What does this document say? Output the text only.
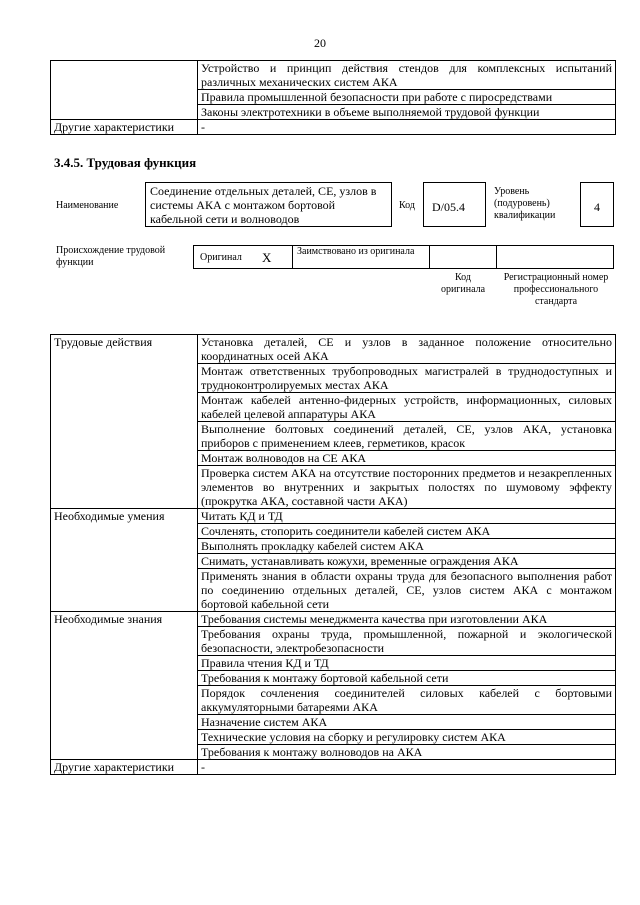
20
	Устройство и принцип действия стендов для комплексных испытаний различных механических систем АКА
	Правила промышленной безопасности при работе с пиросредствами
	Законы электротехники в объеме выполняемой трудовой функции
Другие характеристики	-
3.4.5. Трудовая функция
Наименование
Соединение отдельных деталей, СЕ, узлов в системы АКА с монтажом бортовой кабельной сети и волноводов
Код	D/05.4
Уровень (подуровень) квалификации
4
Происхождение трудовой функции	Оригинал X	Заимствовано из оригинала
Код оригинала
Регистрационный номер профессионального стандарта
Трудовые действия	Установка деталей, СЕ и узлов в заданное положение относительно координатных осей АКА
	Монтаж ответственных трубопроводных магистралей в труднодоступных и трудноконтролируемых местах АКА
	Монтаж кабелей антенно-фидерных устройств, информационных, силовых кабелей целевой аппаратуры АКА
	Выполнение болтовых соединений деталей, СЕ, узлов АКА, установка приборов с применением клеев, герметиков, красок
	Монтаж волноводов на СЕ АКА
	Проверка систем АКА на отсутствие посторонних предметов и незакрепленных элементов во внутренних и закрытых полостях по шумовому эффекту (прокрутка АКА, составной части АКА)
Необходимые умения	Читать КД и ТД
	Сочленять, стопорить соединители кабелей систем АКА
	Выполнять прокладку кабелей систем АКА
	Снимать, устанавливать кожухи, временные ограждения АКА
	Применять знания в области охраны труда для безопасного выполнения работ по соединению отдельных деталей, СЕ, узлов систем АКА с монтажом бортовой кабельной сети
Необходимые знания	Требования системы менеджмента качества при изготовлении АКА
	Требования охраны труда, промышленной, пожарной и экологической безопасности, электробезопасности
	Правила чтения КД и ТД
	Требования к монтажу бортовой кабельной сети
	Порядок сочленения соединителей силовых кабелей с бортовыми аккумуляторными батареями АКА
	Назначение систем АКА
	Технические условия на сборку и регулировку систем АКА
	Требования к монтажу волноводов на АКА
Другие характеристики	-
